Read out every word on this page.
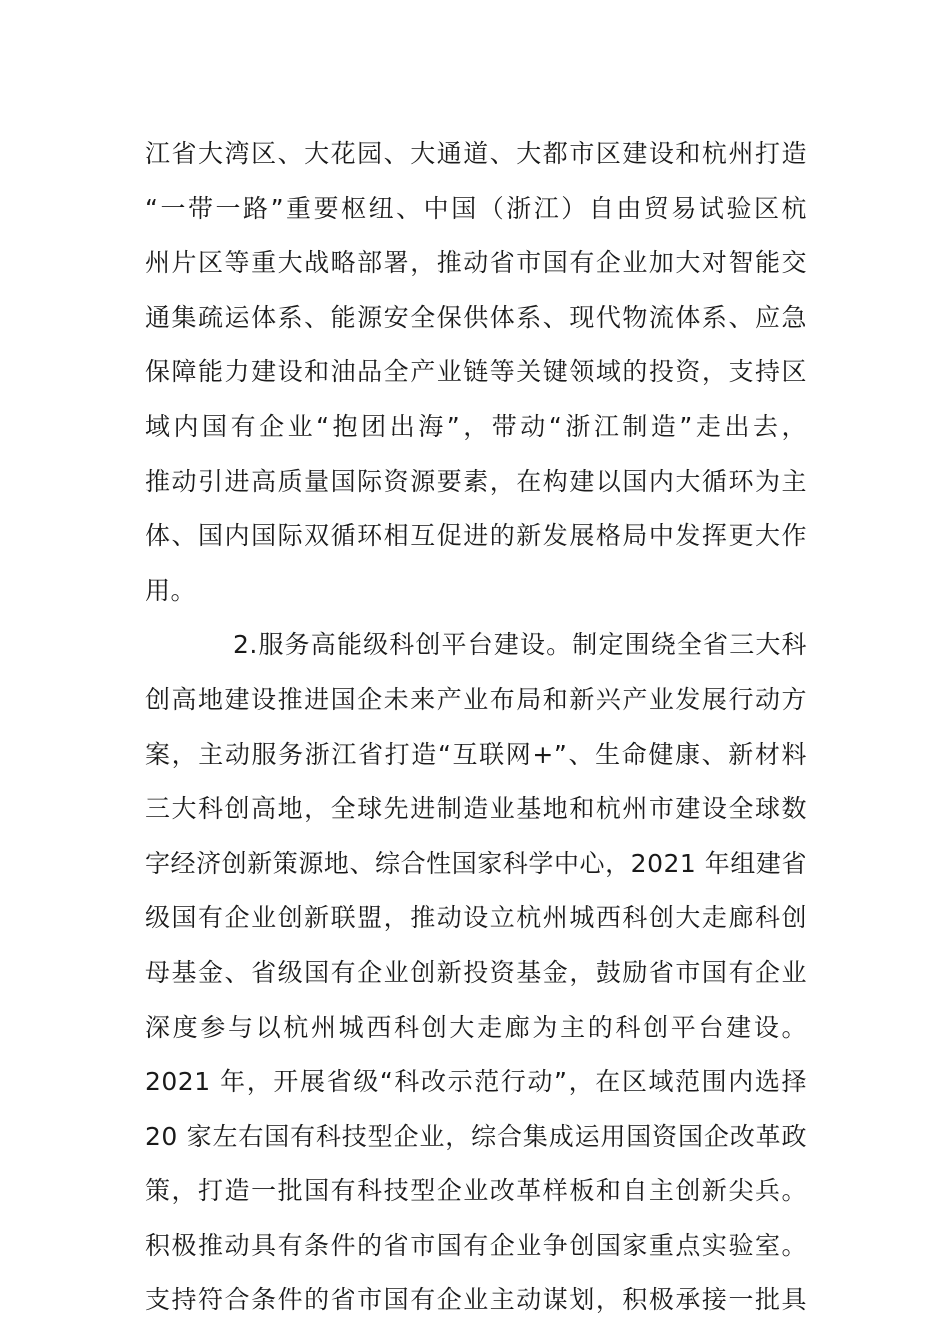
江省大湾区、大花园、大通道、大都市区建设和杭州打造
“一带一路”重要枢纽、中国（浙江）自由贸易试验区杭
州片区等重大战略部署，推动省市国有企业加大对智能交
通集疏运体系、能源安全保供体系、现代物流体系、应急
保障能力建设和油品全产业链等关键领域的投资，支持区
域内国有企业“抱团出海”，带动“浙江制造”走出去，
推动引进高质量国际资源要素，在构建以国内大循环为主
体、国内国际双循环相互促进的新发展格局中发挥更大作
用。
2.服务高能级科创平台建设。制定围绕全省三大科
创高地建设推进国企未来产业布局和新兴产业发展行动方
案，主动服务浙江省打造“互联网+”、生命健康、新材料
三大科创高地，全球先进制造业基地和杭州市建设全球数
字经济创新策源地、综合性国家科学中心，2021 年组建省
级国有企业创新联盟，推动设立杭州城西科创大走廊科创
母基金、省级国有企业创新投资基金，鼓励省市国有企业
深度参与以杭州城西科创大走廊为主的科创平台建设。
2021 年，开展省级“科改示范行动”，在区域范围内选择
20 家左右国有科技型企业，综合集成运用国资国企改革政
策，打造一批国有科技型企业改革样板和自主创新尖兵。
积极推动具有条件的省市国有企业争创国家重点实验室。
支持符合条件的省市国有企业主动谋划，积极承接一批具
